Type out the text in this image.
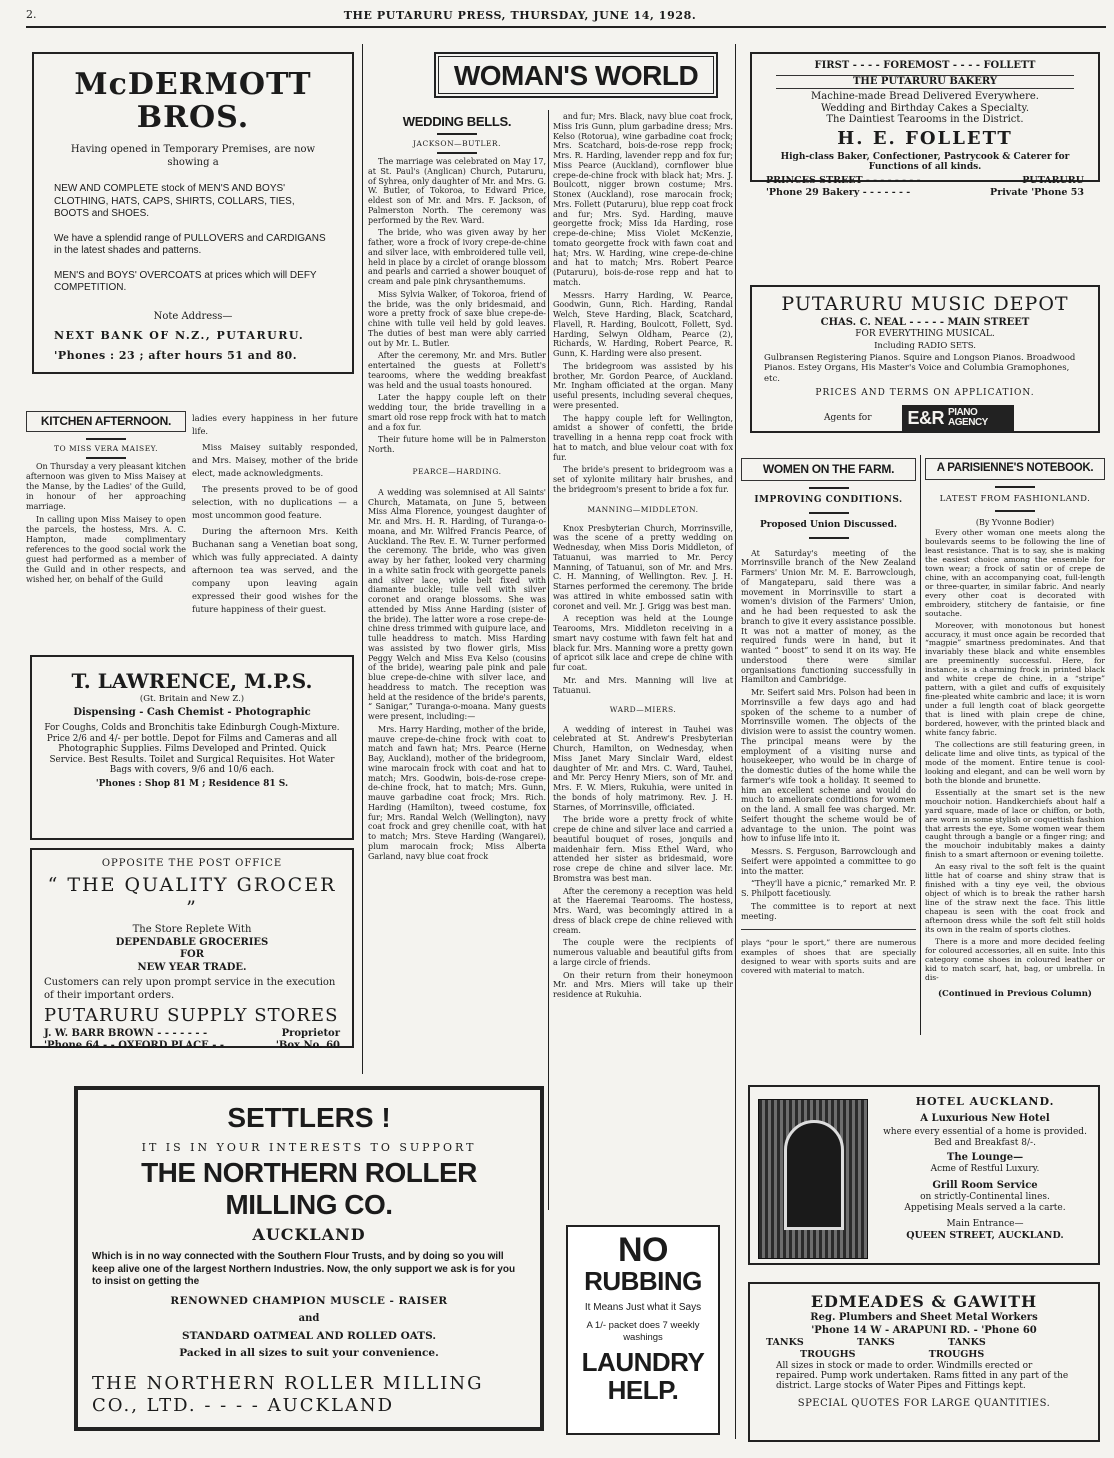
2.	THE PUTARURU PRESS, THURSDAY, JUNE 14, 1928.
McDERMOTT BROS.
Having opened in Temporary Premises, are now showing a
NEW AND COMPLETE stock of MEN'S AND BOYS' CLOTHING, HATS, CAPS, SHIRTS, COLLARS, TIES, BOOTS and SHOES.
We have a splendid range of PULLOVERS and CARDIGANS in the latest shades and patterns.
MEN'S and BOYS' OVERCOATS at prices which will DEFY COMPETITION.
Note Address—
NEXT BANK OF N.Z., PUTARURU.
'Phones : 23 ; after hours 51 and 80.
KITCHEN AFTERNOON.
TO MISS VERA MAISEY.

On Thursday a very pleasant kitchen afternoon was given to Miss Maisey at the Manse, by the Ladies' of the Guild, in honour of her approaching marriage.

In calling upon Miss Maisey to open the parcels, the hostess, Mrs. A. C. Hampton, made complimentary references to the good social work the guest had performed as a member of the Guild and in other respects, and wished her, on behalf of the Guild

ladies every happiness in her future life.

Miss Maisey suitably responded, and Mrs. Maisey, mother of the bride elect, made acknowledgments.

The presents proved to be of good selection, with no duplications — a most uncommon good feature.

During the afternoon Mrs. Keith Buchanan sang a Venetian boat song, which was fully appreciated. A dainty afternoon tea was served, and the company upon leaving again expressed their good wishes for the future happiness of their guest.

T. LAWRENCE, M.P.S.
(Gt. Britain and New Z.)
Dispensing - Cash Chemist - Photographic
For Coughs, Colds and Bronchitis take Edinburgh Cough-Mixture. Price 2/6 and 4/- per bottle. Depot for Films and Cameras and all Photographic Supplies. Films Developed and Printed. Quick Service. Best Results. Toilet and Surgical Requisites. Hot Water Bags with covers, 9/6 and 10/6 each.
'Phones : Shop 81 M ; Residence 81 S.
OPPOSITE THE POST OFFICE
“ THE QUALITY GROCER ”
The Store Replete With
DEPENDABLE GROCERIES
FOR
NEW YEAR TRADE.
Customers can rely upon prompt service in the execution of their important orders.
PUTARURU SUPPLY STORES
J. W. BARR BROWN - - - - - - -	Proprietor
'Phone 64 - - OXFORD PLACE - -	'Box No. 60
SETTLERS !
IT IS IN YOUR INTERESTS TO SUPPORT
THE NORTHERN ROLLER
MILLING CO.
AUCKLAND
Which is in no way connected with the Southern Flour Trusts, and by doing so you will keep alive one of the largest Northern Industries. Now, the only support we ask is for you to insist on getting the
RENOWNED CHAMPION MUSCLE - RAISER
and
STANDARD OATMEAL AND ROLLED OATS.
Packed in all sizes to suit your convenience.
THE NORTHERN ROLLER MILLING
CO., LTD. - - - - AUCKLAND
WOMAN'S WORLD
WEDDING BELLS.
JACKSON—BUTLER.

The marriage was celebrated on May 17, at St. Paul's (Anglican) Church, Putaruru, of Syhrea, only daughter of Mr. and Mrs. G. W. Butler, of Tokoroa, to Edward Price, eldest son of Mr. and Mrs. F. Jackson, of Palmerston North. The ceremony was performed by the Rev. Ward.

The bride, who was given away by her father, wore a frock of ivory crepe-de-chine and silver lace, with embroidered tulle veil, held in place by a circlet of orange blossom and pearls and carried a shower bouquet of cream and pale pink chrysanthemums.

Miss Sylvia Walker, of Tokoroa, friend of the bride, was the only bridesmaid, and wore a pretty frock of saxe blue crepe-de-chine with tulle veil held by gold leaves. The duties of best man were ably carried out by Mr. L. Butler.

After the ceremony, Mr. and Mrs. Butler entertained the guests at Follett's tearooms, where the wedding breakfast was held and the usual toasts honoured.

Later the happy couple left on their wedding tour, the bride travelling in a smart old rose repp frock with hat to match and a fox fur.

Their future home will be in Palmerston North.

PEARCE—HARDING.

A wedding was solemnised at All Saints' Church, Matamata, on June 5, between Miss Alma Florence, youngest daughter of Mr. and Mrs. H. R. Harding, of Turanga-o-moana, and Mr. Wilfred Francis Pearce, of Auckland. The Rev. E. W. Turner performed the ceremony. The bride, who was given away by her father, looked very charming in a white satin frock with georgette panels and silver lace, wide belt fixed with diamante buckle; tulle veil with silver coronet and orange blossoms. She was attended by Miss Anne Harding (sister of the bride). The latter wore a rose crepe-de-chine dress trimmed with guipure lace, and tulle headdress to match. Miss Harding was assisted by two flower girls, Miss Peggy Welch and Miss Eva Kelso (cousins of the bride), wearing pale pink and pale blue crepe-de-chine with silver lace, and headdress to match. The reception was held at the residence of the bride's parents, “ Sanigar,” Turanga-o-moana. Many guests were present, including:—

Mrs. Harry Harding, mother of the bride, mauve crepe-de-chine frock with coat to match and fawn hat; Mrs. Pearce (Herne Bay, Auckland), mother of the bridegroom, wine marocain frock with coat and hat to match; Mrs. Goodwin, bois-de-rose crepe-de-chine frock, hat to match; Mrs. Gunn, mauve garbadine coat frock; Mrs. Rich. Harding (Hamilton), tweed costume, fox fur; Mrs. Randal Welch (Wellington), navy coat frock and grey chenille coat, with hat to match; Mrs. Steve Harding (Wangarei), plum marocain frock; Miss Alberta Garland, navy blue coat frock

and fur; Mrs. Black, navy blue coat frock, Miss Iris Gunn, plum garbadine dress; Mrs. Kelso (Rotorua), wine garbadine coat frock; Mrs. Scatchard, bois-de-rose repp frock; Mrs. R. Harding, lavender repp and fox fur; Miss Pearce (Auckland), cornflower blue crepe-de-chine frock with black hat; Mrs. J. Boulcott, nigger brown costume; Mrs. Stonex (Auckland), rose marocain frock; Mrs. Follett (Putaruru), blue repp coat frock and fur; Mrs. Syd. Harding, mauve georgette frock; Miss Ida Harding, rose crepe-de-chine; Miss Violet McKenzie, tomato georgette frock with fawn coat and hat; Mrs. W. Harding, wine crepe-de-chine and hat to match; Mrs. Robert Pearce (Putaruru), bois-de-rose repp and hat to match.

Messrs. Harry Harding, W. Pearce, Goodwin, Gunn, Rich. Harding, Randal Welch, Steve Harding, Black, Scatchard, Flavell, R. Harding, Boulcott, Follett, Syd. Harding, Selwyn Oldham, Pearce (2), Richards, W. Harding, Robert Pearce, R. Gunn, K. Harding were also present.

The bridegroom was assisted by his brother, Mr. Gordon Pearce, of Auckland. Mr. Ingham officiated at the organ. Many useful presents, including several cheques, were presented.

The happy couple left for Wellington, amidst a shower of confetti, the bride travelling in a henna repp coat frock with hat to match, and blue velour coat with fox fur.

The bride's present to bridegroom was a set of xylonite military hair brushes, and the bridegroom's present to bride a fox fur.

MANNING—MIDDLETON.

Knox Presbyterian Church, Morrinsville, was the scene of a pretty wedding on Wednesday, when Miss Doris Middleton, of Tatuanui, was married to Mr. Percy Manning, of Tatuanui, son of Mr. and Mrs. C. H. Manning, of Wellington. Rev. J. H. Starnes performed the ceremony. The bride was attired in white embossed satin with coronet and veil. Mr. J. Grigg was best man.

A reception was held at the Lounge Tearooms, Mrs. Middleton receiving in a smart navy costume with fawn felt hat and black fur. Mrs. Manning wore a pretty gown of apricot silk lace and crepe de chine with fur coat.

Mr. and Mrs. Manning will live at Tatuanui.

WARD—MIERS.

A wedding of interest in Tauhei was celebrated at St. Andrew's Presbyterian Church, Hamilton, on Wednesday, when Miss Janet Mary Sinclair Ward, eldest daughter of Mr. and Mrs. C. Ward, Tauhei, and Mr. Percy Henry Miers, son of Mr. and Mrs. F. W. Miers, Rukuhia, were united in the bonds of holy matrimony. Rev. J. H. Starnes, of Morrinsville, officiated.

The bride wore a pretty frock of white crepe de chine and silver lace and carried a beautiful bouquet of roses, jonquils and maidenhair fern. Miss Ethel Ward, who attended her sister as bridesmaid, wore rose crepe de chine and silver lace. Mr. Bromstra was best man.

After the ceremony a reception was held at the Haeremai Tearooms. The hostess, Mrs. Ward, was becomingly attired in a dress of black crepe de chine relieved with cream.

The couple were the recipients of numerous valuable and beautiful gifts from a large circle of friends.

On their return from their honeymoon Mr. and Mrs. Miers will take up their residence at Rukuhia.

NO
RUBBING
It Means Just what it Says
A 1/- packet does 7 weekly washings
LAUNDRY
HELP.
FIRST - - - - FOREMOST - - - - FOLLETT
THE PUTARURU BAKERY
Machine-made Bread Delivered Everywhere.
Wedding and Birthday Cakes a Specialty.
The Daintiest Tearooms in the District.
H. E. FOLLETT
High-class Baker, Confectioner, Pastrycook & Caterer for Functions of all kinds.
PRINCES STREET - - - - - - - -	PUTARURU
'Phone 29 Bakery - - - - - - -	Private 'Phone 53
PUTARURU MUSIC DEPOT
CHAS. C. NEAL - - - - - MAIN STREET
FOR EVERYTHING MUSICAL.
Including RADIO SETS.
Gulbransen Registering Pianos. Squire and Longson Pianos. Broadwood Pianos. Estey Organs, His Master's Voice and Columbia Gramophones, etc.
PRICES AND TERMS ON APPLICATION.
Agents for E&R PIANO AGENCY
WOMEN ON THE FARM.
IMPROVING CONDITIONS.
Proposed Union Discussed.

At Saturday's meeting of the Morrinsville branch of the New Zealand Farmers' Union Mr. M. E. Barrowclough, of Mangateparu, said there was a movement in Morrinsville to start a women's division of the Farmers' Union, and he had been requested to ask the branch to give it every assistance possible. It was not a matter of money, as the required funds were in hand, but it wanted “ boost” to send it on its way. He understood there were similar organisations functioning successfully in Hamilton and Cambridge.

Mr. Seifert said Mrs. Polson had been in Morrinsville a few days ago and had spoken of the scheme to a number of Morrinsville women. The objects of the division were to assist the country women. The principal means were by the employment of a visiting nurse and housekeeper, who would be in charge of the domestic duties of the home while the farmer's wife took a holiday. It seemed to him an excellent scheme and would do much to ameliorate conditions for women on the land. A small fee was charged. Mr. Seifert thought the scheme would be of advantage to the union. The point was how to infuse life into it.

Messrs. S. Ferguson, Barrowclough and Seifert were appointed a committee to go into the matter.

“They'll have a picnic,” remarked Mr. P. S. Philpott facetiously.

The committee is to report at next meeting.

plays “pour le sport,” there are numerous examples of shoes that are specially designed to wear with sports suits and are covered with material to match.
A PARISIENNE'S NOTEBOOK.
LATEST FROM FASHIONLAND.
(By Yvonne Bodier)

Every other woman one meets along the boulevards seems to be following the line of least resistance. That is to say, she is making the easiest choice among the ensemble for town wear; a frock of satin or of crepe de chine, with an accompanying coat, full-length or three-quarter, in similar fabric. And nearly every other coat is decorated with embroidery, stitchery de fantaisie, or fine soutache.

Moreover, with monotonous but honest accuracy, it must once again be recorded that “magpie” smartness predominates. And that invariably these black and white ensembles are preeminently successful. Here, for instance, is a charming frock in printed black and white crepe de chine, in a “stripe” pattern, with a gilet and cuffs of exquisitely fine-pleated white cambric and lace; it is worn under a full length coat of black georgette that is lined with plain crepe de chine, bordered, however, with the printed black and white fancy fabric.

The collections are still featuring green, in delicate lime and olive tints, as typical of the mode of the moment. Entire tenue is cool-looking and elegant, and can be well worn by both the blonde and brunette.

Essentially at the smart set is the new mouchoir notion. Handkerchiefs about half a yard square, made of lace or chiffon, or both, are worn in some stylish or coquettish fashion that arrests the eye. Some women wear them caught through a bangle or a finger ring; and the mouchoir indubitably makes a dainty finish to a smart afternoon or evening toilette.

An easy rival to the soft felt is the quaint little hat of coarse and shiny straw that is finished with a tiny eye veil, the obvious object of which is to break the rather harsh line of the straw next the face. This little chapeau is seen with the coat frock and afternoon dress while the soft felt still holds its own in the realm of sports clothes.

There is a more and more decided feeling for coloured accessories, all en suite. Into this category come shoes in coloured leather or kid to match scarf, hat, bag, or umbrella. In dis-

(Continued in Previous Column)
HOTEL AUCKLAND.
A Luxurious New Hotel
where every essential of a home is provided. Bed and Breakfast 8/-.
The Lounge—
Acme of Restful Luxury.
Grill Room Service
on strictly-Continental lines.
Appetising Meals served a la carte.
Main Entrance—
QUEEN STREET, AUCKLAND.
EDMEADES & GAWITH
Reg. Plumbers and Sheet Metal Workers
'Phone 14 W - ARAPUNI RD. - 'Phone 60
TANKS TANKS TANKS
TROUGHS TROUGHS
All sizes in stock or made to order. Windmills erected or repaired. Pump work undertaken. Rams fitted in any part of the district. Large stocks of Water Pipes and Fittings kept.
SPECIAL QUOTES FOR LARGE QUANTITIES.
